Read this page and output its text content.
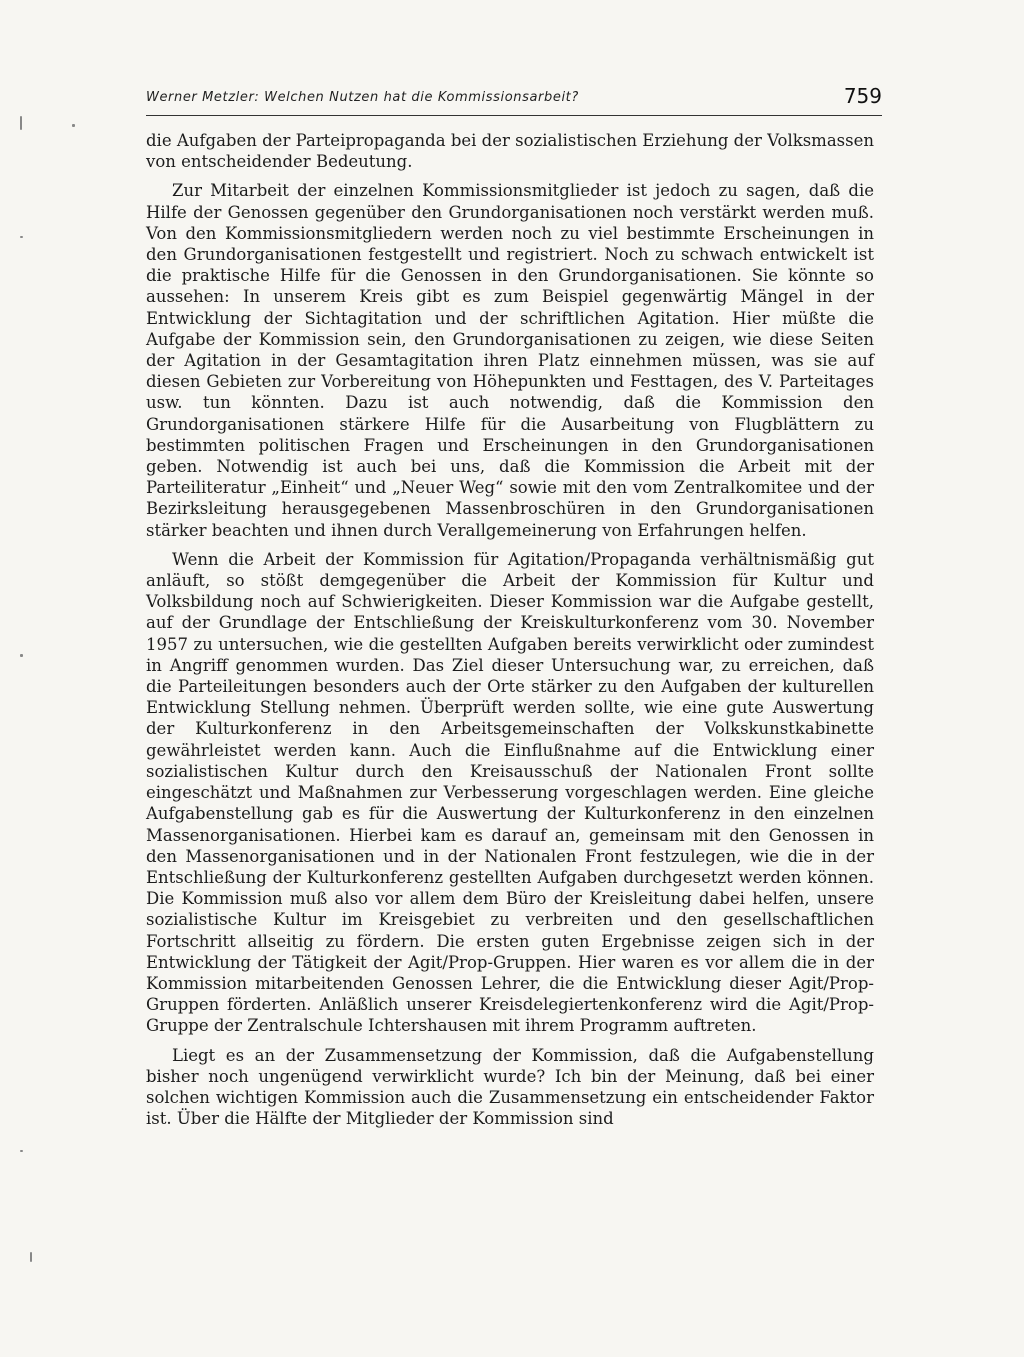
Werner Metzler: Welchen Nutzen hat die Kommissionsarbeit?	759

die Aufgaben der Parteipropaganda bei der sozialistischen Erziehung der Volksmassen von entscheidender Bedeutung.

Zur Mitarbeit der einzelnen Kommissionsmitglieder ist jedoch zu sagen, daß die Hilfe der Genossen gegenüber den Grundorganisationen noch verstärkt werden muß. Von den Kommissionsmitgliedern werden noch zu viel bestimmte Erscheinungen in den Grundorganisationen festgestellt und registriert. Noch zu schwach entwickelt ist die praktische Hilfe für die Genossen in den Grundorganisationen. Sie könnte so aussehen: In unserem Kreis gibt es zum Beispiel gegenwärtig Mängel in der Entwicklung der Sichtagitation und der schriftlichen Agitation. Hier müßte die Aufgabe der Kommission sein, den Grundorganisationen zu zeigen, wie diese Seiten der Agitation in der Gesamtagitation ihren Platz einnehmen müssen, was sie auf diesen Gebieten zur Vorbereitung von Höhepunkten und Festtagen, des V. Parteitages usw. tun könnten. Dazu ist auch notwendig, daß die Kommission den Grundorganisationen stärkere Hilfe für die Ausarbeitung von Flugblättern zu bestimmten politischen Fragen und Erscheinungen in den Grundorganisationen geben. Notwendig ist auch bei uns, daß die Kommission die Arbeit mit der Parteiliteratur „Einheit“ und „Neuer Weg“ sowie mit den vom Zentralkomitee und der Bezirksleitung herausgegebenen Massenbroschüren in den Grundorganisationen stärker beachten und ihnen durch Verallgemeinerung von Erfahrungen helfen.

Wenn die Arbeit der Kommission für Agitation/Propaganda verhältnismäßig gut anläuft, so stößt demgegenüber die Arbeit der Kommission für Kultur und Volksbildung noch auf Schwierigkeiten. Dieser Kommission war die Aufgabe gestellt, auf der Grundlage der Entschließung der Kreiskulturkonferenz vom 30. November 1957 zu untersuchen, wie die gestellten Aufgaben bereits verwirklicht oder zumindest in Angriff genommen wurden. Das Ziel dieser Untersuchung war, zu erreichen, daß die Parteileitungen besonders auch der Orte stärker zu den Aufgaben der kulturellen Entwicklung Stellung nehmen. Überprüft werden sollte, wie eine gute Auswertung der Kulturkonferenz in den Arbeitsgemeinschaften der Volkskunstkabinette gewährleistet werden kann. Auch die Einflußnahme auf die Entwicklung einer sozialistischen Kultur durch den Kreisausschuß der Nationalen Front sollte eingeschätzt und Maßnahmen zur Verbesserung vorgeschlagen werden. Eine gleiche Aufgabenstellung gab es für die Auswertung der Kulturkonferenz in den einzelnen Massenorganisationen. Hierbei kam es darauf an, gemeinsam mit den Genossen in den Massenorganisationen und in der Nationalen Front festzulegen, wie die in der Entschließung der Kulturkonferenz gestellten Aufgaben durchgesetzt werden können. Die Kommission muß also vor allem dem Büro der Kreisleitung dabei helfen, unsere sozialistische Kultur im Kreisgebiet zu verbreiten und den gesellschaftlichen Fortschritt allseitig zu fördern. Die ersten guten Ergebnisse zeigen sich in der Entwicklung der Tätigkeit der Agit/Prop-Gruppen. Hier waren es vor allem die in der Kommission mitarbeitenden Genossen Lehrer, die die Entwicklung dieser Agit/Prop-Gruppen förderten. Anläßlich unserer Kreisdelegiertenkonferenz wird die Agit/Prop-Gruppe der Zentralschule Ichtershausen mit ihrem Programm auftreten.

Liegt es an der Zusammensetzung der Kommission, daß die Aufgabenstellung bisher noch ungenügend verwirklicht wurde? Ich bin der Meinung, daß bei einer solchen wichtigen Kommission auch die Zusammensetzung ein entscheidender Faktor ist. Über die Hälfte der Mitglieder der Kommission sind
